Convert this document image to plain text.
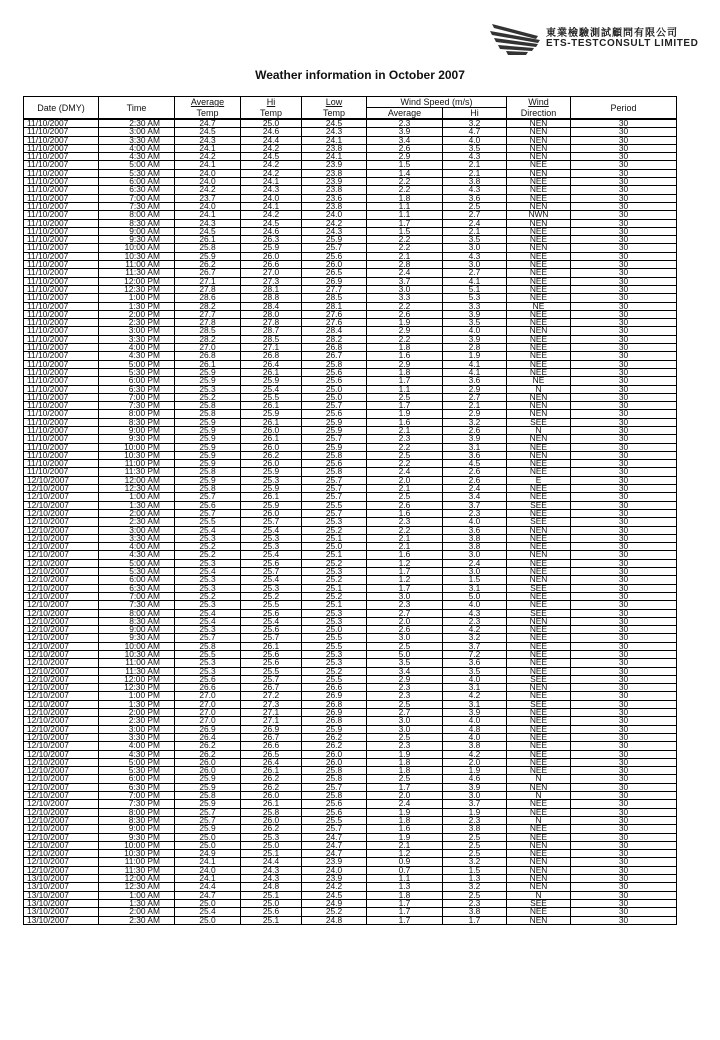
東業檢驗測試顧問有限公司
ETS-TESTCONSULT LIMITED
Weather information in October 2007
Date (DMY)	Time	Average	Hi	Low	Wind Speed (m/s)		Wind	Period
		Temp	Temp	Temp	Average	Hi	Direction	
11/10/2007	2:30 AM	24.7	25.0	24.5	2.3	3.2	NEN	30
11/10/2007	3:00 AM	24.5	24.6	24.3	3.9	4.7	NEN	30
11/10/2007	3:30 AM	24.3	24.4	24.1	3.4	4.0	NEN	30
11/10/2007	4:00 AM	24.1	24.2	23.8	2.6	3.5	NEN	30
11/10/2007	4:30 AM	24.2	24.5	24.1	2.9	4.3	NEN	30
11/10/2007	5:00 AM	24.1	24.2	23.9	1.5	2.1	NEE	30
11/10/2007	5:30 AM	24.0	24.2	23.8	1.4	2.1	NEN	30
11/10/2007	6:00 AM	24.0	24.1	23.9	2.2	3.8	NEE	30
11/10/2007	6:30 AM	24.2	24.3	23.8	2.2	4.3	NEE	30
11/10/2007	7:00 AM	23.7	24.0	23.6	1.8	3.6	NEE	30
11/10/2007	7:30 AM	24.0	24.1	23.8	1.1	2.5	NEN	30
11/10/2007	8:00 AM	24.1	24.2	24.0	1.1	2.7	NWN	30
11/10/2007	8:30 AM	24.3	24.5	24.2	1.7	2.4	NEN	30
11/10/2007	9:00 AM	24.5	24.6	24.3	1.5	2.1	NEE	30
11/10/2007	9:30 AM	26.1	26.3	25.9	2.2	3.5	NEE	30
11/10/2007	10:00 AM	25.8	25.9	25.7	2.2	3.0	NEN	30
11/10/2007	10:30 AM	25.9	26.0	25.6	2.1	4.3	NEE	30
11/10/2007	11:00 AM	26.2	26.6	26.0	2.8	3.0	NEE	30
11/10/2007	11:30 AM	26.7	27.0	26.5	2.4	2.7	NEE	30
11/10/2007	12:00 PM	27.1	27.3	26.9	3.7	4.1	NEE	30
11/10/2007	12:30 PM	27.8	28.1	27.7	3.0	5.1	NEE	30
11/10/2007	1:00 PM	28.6	28.8	28.5	3.3	5.3	NEE	30
11/10/2007	1:30 PM	28.2	28.4	28.1	2.2	3.3	NE	30
11/10/2007	2:00 PM	27.7	28.0	27.6	2.6	3.9	NEE	30
11/10/2007	2:30 PM	27.8	27.8	27.6	1.9	3.5	NEE	30
11/10/2007	3:00 PM	28.5	28.7	28.4	2.9	4.0	NEN	30
11/10/2007	3:30 PM	28.2	28.5	28.2	2.2	3.9	NEE	30
11/10/2007	4:00 PM	27.0	27.1	26.8	1.8	2.8	NEE	30
11/10/2007	4:30 PM	26.8	26.8	26.7	1.6	1.9	NEE	30
11/10/2007	5:00 PM	26.1	26.4	25.8	2.9	4.1	NEE	30
11/10/2007	5:30 PM	25.9	26.1	25.6	1.8	4.1	NEE	30
11/10/2007	6:00 PM	25.9	25.9	25.6	1.7	3.6	NE	30
11/10/2007	6:30 PM	25.3	25.4	25.0	1.1	2.9	N	30
11/10/2007	7:00 PM	25.2	25.5	25.0	2.5	2.7	NEN	30
11/10/2007	7:30 PM	25.8	26.1	25.7	1.7	2.1	NEN	30
11/10/2007	8:00 PM	25.8	25.9	25.6	1.9	2.9	NEN	30
11/10/2007	8:30 PM	25.9	26.1	25.9	1.6	3.2	SEE	30
11/10/2007	9:00 PM	25.9	26.0	25.9	2.1	2.6	N	30
11/10/2007	9:30 PM	25.9	26.1	25.7	2.3	3.9	NEN	30
11/10/2007	10:00 PM	25.9	26.0	25.9	2.2	3.1	NEE	30
11/10/2007	10:30 PM	25.9	26.2	25.8	2.5	3.6	NEN	30
11/10/2007	11:00 PM	25.9	26.0	25.6	2.2	4.5	NEE	30
11/10/2007	11:30 PM	25.8	25.9	25.8	2.4	2.6	NEE	30
12/10/2007	12:00 AM	25.9	25.3	25.7	2.0	2.6	E	30
12/10/2007	12:30 AM	25.8	25.9	25.7	2.1	2.4	NEE	30
12/10/2007	1:00 AM	25.7	26.1	25.7	2.5	3.4	NEE	30
12/10/2007	1:30 AM	25.6	25.9	25.5	2.6	3.7	SEE	30
12/10/2007	2:00 AM	25.7	26.0	25.7	1.6	2.3	NEE	30
12/10/2007	2:30 AM	25.5	25.7	25.3	2.3	4.0	SEE	30
12/10/2007	3:00 AM	25.4	25.4	25.2	2.2	3.6	NEN	30
12/10/2007	3:30 AM	25.3	25.3	25.1	2.1	3.8	NEE	30
12/10/2007	4:00 AM	25.2	25.3	25.0	2.1	3.8	NEE	30
12/10/2007	4:30 AM	25.2	25.4	25.1	1.6	3.0	NEN	30
12/10/2007	5:00 AM	25.3	25.6	25.2	1.2	2.4	NEE	30
12/10/2007	5:30 AM	25.4	25.7	25.3	1.7	3.0	NEE	30
12/10/2007	6:00 AM	25.3	25.4	25.2	1.2	1.5	NEN	30
12/10/2007	6:30 AM	25.3	25.3	25.1	1.7	3.1	SEE	30
12/10/2007	7:00 AM	25.2	25.2	25.2	3.0	5.0	NEE	30
12/10/2007	7:30 AM	25.3	25.5	25.1	2.3	4.0	NEE	30
12/10/2007	8:00 AM	25.4	25.6	25.3	2.7	4.3	SEE	30
12/10/2007	8:30 AM	25.4	25.4	25.3	2.0	2.3	NEN	30
12/10/2007	9:00 AM	25.3	25.6	25.0	2.6	4.2	NEE	30
12/10/2007	9:30 AM	25.7	25.7	25.5	3.0	3.2	NEE	30
12/10/2007	10:00 AM	25.8	26.1	25.5	2.5	3.7	NEE	30
12/10/2007	10:30 AM	25.5	25.6	25.3	5.0	7.2	NEE	30
12/10/2007	11:00 AM	25.3	25.6	25.3	3.5	3.6	NEE	30
12/10/2007	11:30 AM	25.3	25.5	25.2	3.4	3.5	NEE	30
12/10/2007	12:00 PM	25.6	25.7	25.5	2.9	4.0	SEE	30
12/10/2007	12:30 PM	26.6	26.7	26.6	2.3	3.1	NEN	30
12/10/2007	1:00 PM	27.0	27.2	26.9	2.3	4.2	NEE	30
12/10/2007	1:30 PM	27.0	27.3	26.8	2.5	3.1	SEE	30
12/10/2007	2:00 PM	27.0	27.1	26.9	2.7	3.9	NEE	30
12/10/2007	2:30 PM	27.0	27.1	26.8	3.0	4.0	NEE	30
12/10/2007	3:00 PM	26.9	26.9	25.9	3.0	4.8	NEE	30
12/10/2007	3:30 PM	26.4	26.7	26.2	2.5	4.0	NEE	30
12/10/2007	4:00 PM	26.2	26.6	26.2	2.3	3.8	NEE	30
12/10/2007	4:30 PM	26.2	26.5	26.0	1.9	4.2	NEE	30
12/10/2007	5:00 PM	26.0	26.4	26.0	1.8	2.0	NEE	30
12/10/2007	5:30 PM	26.0	26.1	25.8	1.8	1.9	NEE	30
12/10/2007	6:00 PM	25.9	26.2	25.8	2.5	4.6	N	30
12/10/2007	6:30 PM	25.9	26.2	25.7	1.7	3.9	NEN	30
12/10/2007	7:00 PM	25.8	26.0	25.8	2.0	3.0	N	30
12/10/2007	7:30 PM	25.9	26.1	25.6	2.4	3.7	NEE	30
12/10/2007	8:00 PM	25.7	25.8	25.6	1.9	1.9	NEE	30
12/10/2007	8:30 PM	25.7	26.0	25.5	1.8	2.3	N	30
12/10/2007	9:00 PM	25.9	26.2	25.7	1.6	3.8	NEE	30
12/10/2007	9:30 PM	25.0	25.3	24.7	1.9	2.5	NEE	30
12/10/2007	10:00 PM	25.0	25.0	24.7	2.1	2.5	NEN	30
12/10/2007	10:30 PM	24.9	25.1	24.7	1.2	2.5	NEE	30
12/10/2007	11:00 PM	24.1	24.4	23.9	0.9	3.2	NEN	30
12/10/2007	11:30 PM	24.0	24.3	24.0	0.7	1.5	NEN	30
13/10/2007	12:00 AM	24.1	24.3	23.9	1.1	1.3	NEN	30
13/10/2007	12:30 AM	24.4	24.8	24.2	1.3	3.2	NEN	30
13/10/2007	1:00 AM	24.7	25.1	24.5	1.8	2.5	N	30
13/10/2007	1:30 AM	25.0	25.0	24.9	1.7	2.3	SEE	30
13/10/2007	2:00 AM	25.4	25.6	25.2	1.7	3.8	NEE	30
13/10/2007	2:30 AM	25.0	25.1	24.8	1.7	1.7	NEN	30
